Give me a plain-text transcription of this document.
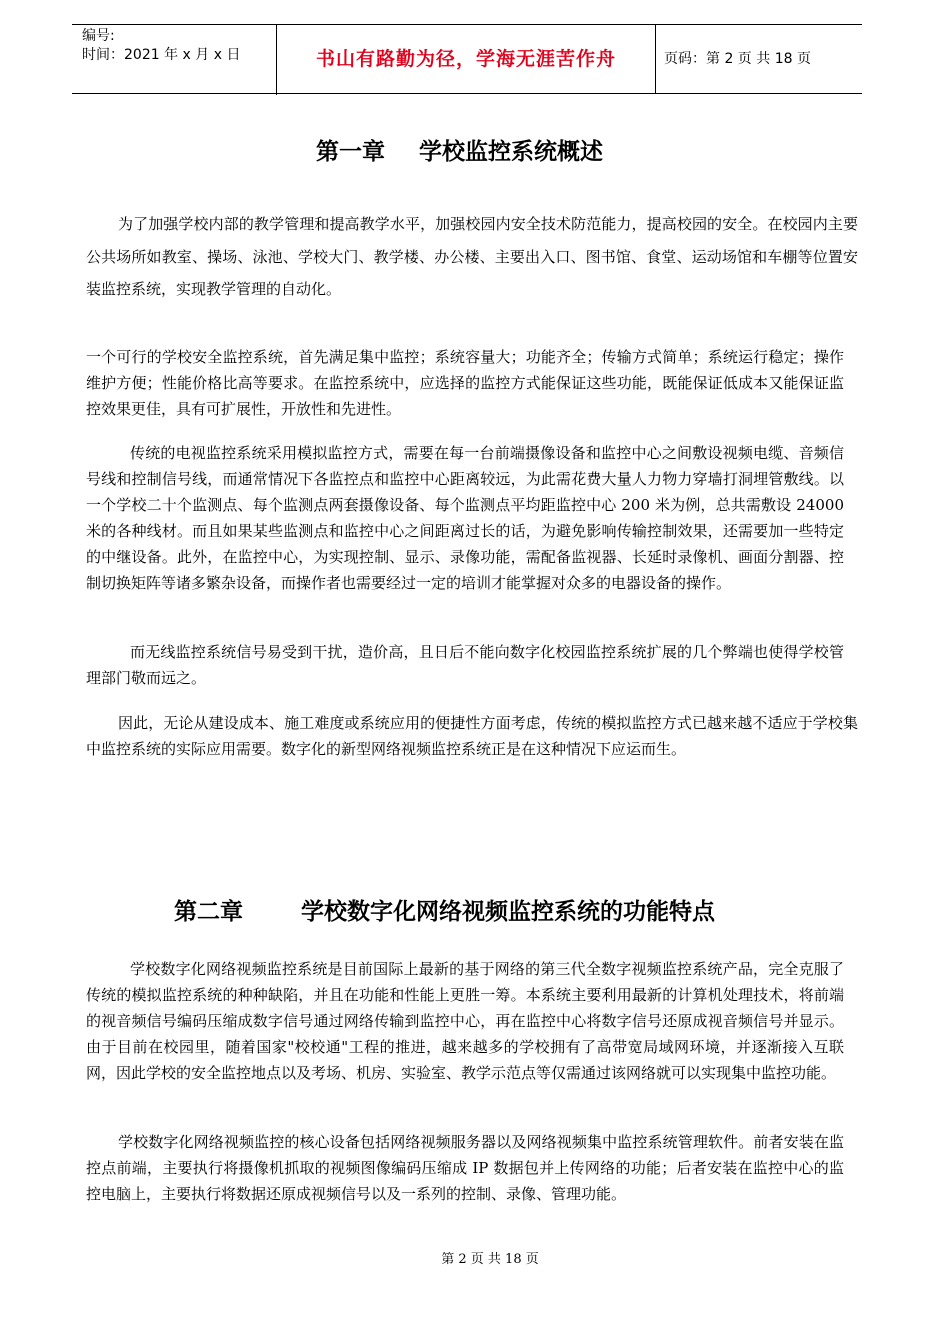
编号:
时间：2021 年 x 月 x 日	书山有路勤为径，学海无涯苦作舟	页码：第 2 页 共 18 页
第一章 学校监控系统概述

为了加强学校内部的教学管理和提高教学水平，加强校园内安全技术防范能力，提高校园的安全。在校园内主要公共场所如教室、操场、泳池、学校大门、教学楼、办公楼、主要出入口、图书馆、食堂、运动场馆和车棚等位置安装监控系统，实现教学管理的自动化。

一个可行的学校安全监控系统，首先满足集中监控；系统容量大；功能齐全；传输方式简单；系统运行稳定；操作维护方便；性能价格比高等要求。在监控系统中，应选择的监控方式能保证这些功能，既能保证低成本又能保证监控效果更佳，具有可扩展性，开放性和先进性。

传统的电视监控系统采用模拟监控方式，需要在每一台前端摄像设备和监控中心之间敷设视频电缆、音频信号线和控制信号线，而通常情况下各监控点和监控中心距离较远，为此需花费大量人力物力穿墙打洞埋管敷线。以一个学校二十个监测点、每个监测点两套摄像设备、每个监测点平均距监控中心 200 米为例，总共需敷设 24000 米的各种线材。而且如果某些监测点和监控中心之间距离过长的话，为避免影响传输控制效果，还需要加一些特定的中继设备。此外，在监控中心，为实现控制、显示、录像功能，需配备监视器、长延时录像机、画面分割器、控制切换矩阵等诸多繁杂设备，而操作者也需要经过一定的培训才能掌握对众多的电器设备的操作。

而无线监控系统信号易受到干扰，造价高，且日后不能向数字化校园监控系统扩展的几个弊端也使得学校管理部门敬而远之。

因此，无论从建设成本、施工难度或系统应用的便捷性方面考虑，传统的模拟监控方式已越来越不适应于学校集中监控系统的实际应用需要。数字化的新型网络视频监控系统正是在这种情况下应运而生。

第二章	学校数字化网络视频监控系统的功能特点

学校数字化网络视频监控系统是目前国际上最新的基于网络的第三代全数字视频监控系统产品，完全克服了传统的模拟监控系统的种种缺陷，并且在功能和性能上更胜一筹。本系统主要利用最新的计算机处理技术，将前端的视音频信号编码压缩成数字信号通过网络传输到监控中心，再在监控中心将数字信号还原成视音频信号并显示。由于目前在校园里，随着国家"校校通"工程的推进，越来越多的学校拥有了高带宽局域网环境，并逐渐接入互联网，因此学校的安全监控地点以及考场、机房、实验室、教学示范点等仅需通过该网络就可以实现集中监控功能。

学校数字化网络视频监控的核心设备包括网络视频服务器以及网络视频集中监控系统管理软件。前者安装在监控点前端，主要执行将摄像机抓取的视频图像编码压缩成 IP 数据包并上传网络的功能；后者安装在监控中心的监控电脑上，主要执行将数据还原成视频信号以及一系列的控制、录像、管理功能。

第 2 页 共 18 页
